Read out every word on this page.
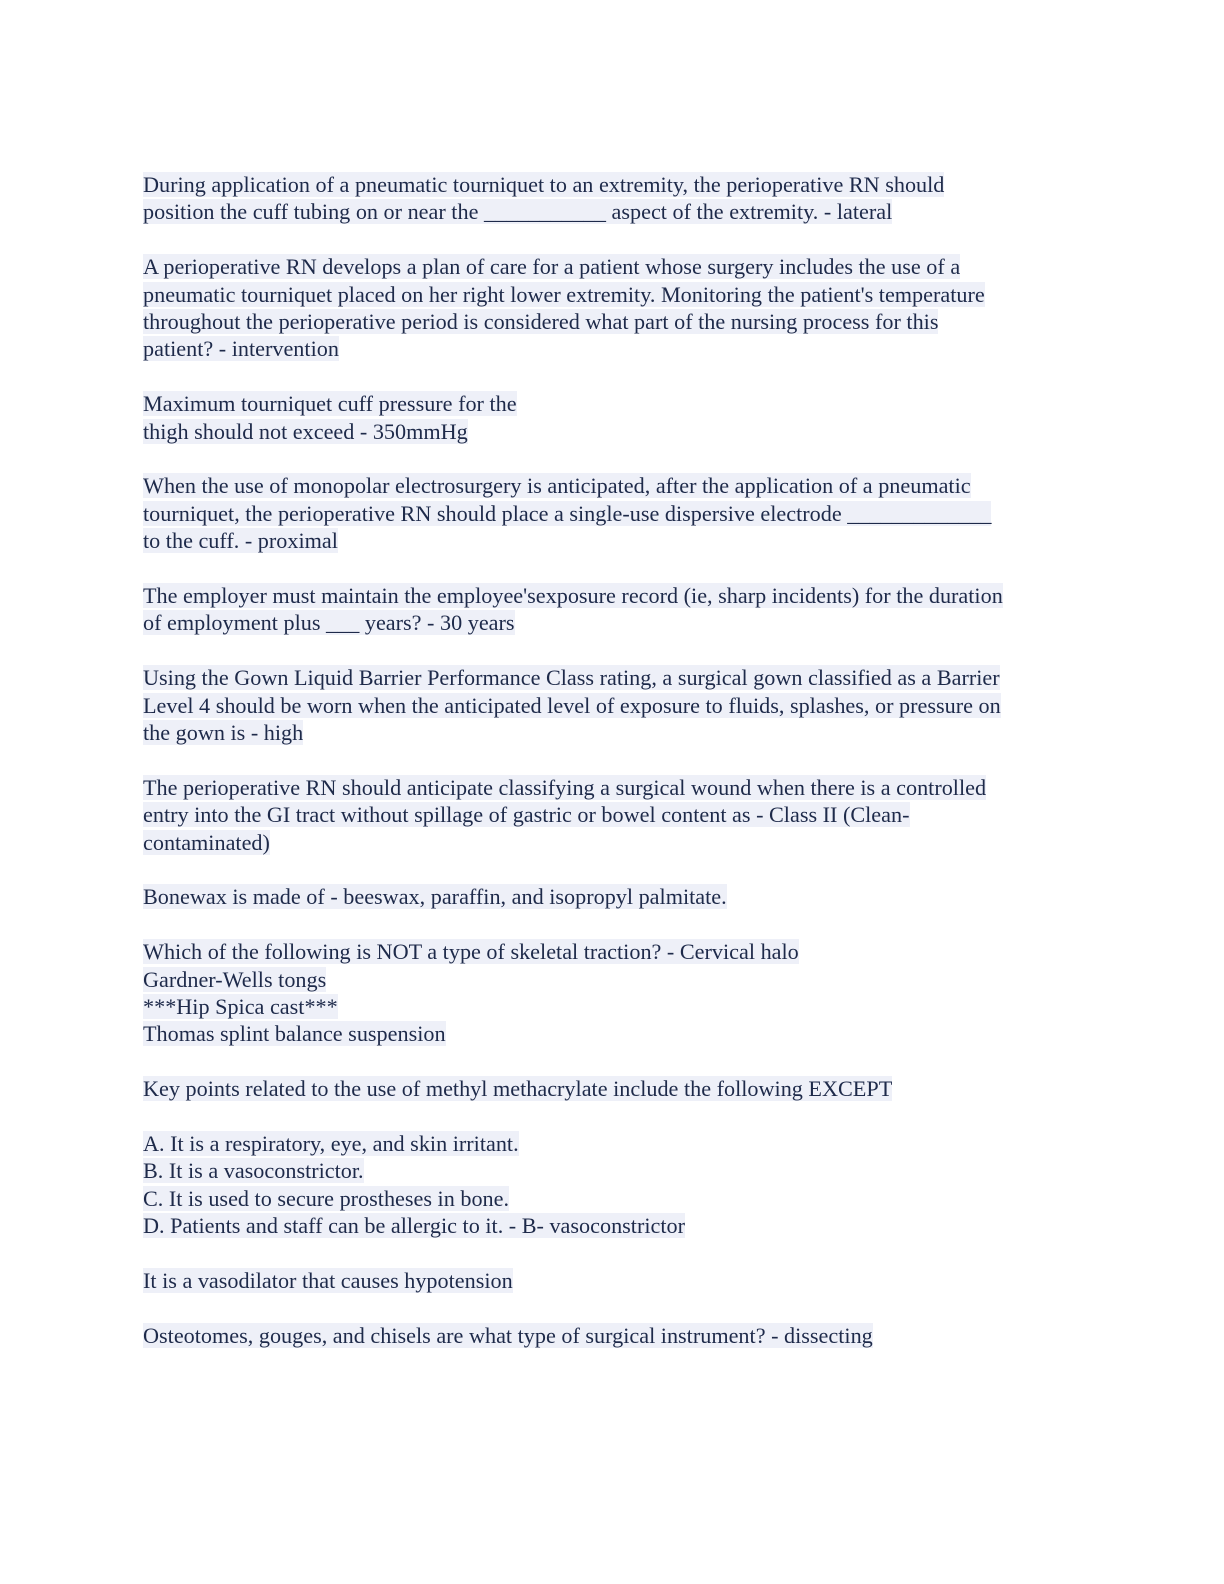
During application of a pneumatic tourniquet to an extremity, the perioperative RN should
position the cuff tubing on or near the ___________ aspect of the extremity. - lateral
A perioperative RN develops a plan of care for a patient whose surgery includes the use of a
pneumatic tourniquet placed on her right lower extremity. Monitoring the patient's temperature
throughout the perioperative period is considered what part of the nursing process for this
patient? - intervention
Maximum tourniquet cuff pressure for the
thigh should not exceed - 350mmHg
When the use of monopolar electrosurgery is anticipated, after the application of a pneumatic
tourniquet, the perioperative RN should place a single-use dispersive electrode _____________
to the cuff. - proximal
The employer must maintain the employee'sexposure record (ie, sharp incidents) for the duration
of employment plus ___ years? - 30 years
Using the Gown Liquid Barrier Performance Class rating, a surgical gown classified as a Barrier
Level 4 should be worn when the anticipated level of exposure to fluids, splashes, or pressure on
the gown is - high
The perioperative RN should anticipate classifying a surgical wound when there is a controlled
entry into the GI tract without spillage of gastric or bowel content as - Class II (Clean-
contaminated)
Bonewax is made of - beeswax, paraffin, and isopropyl palmitate.
Which of the following is NOT a type of skeletal traction? - Cervical halo
Gardner-Wells tongs
***Hip Spica cast***
Thomas splint balance suspension
Key points related to the use of methyl methacrylate include the following EXCEPT
A. It is a respiratory, eye, and skin irritant.
B. It is a vasoconstrictor.
C. It is used to secure prostheses in bone.
D. Patients and staff can be allergic to it. - B- vasoconstrictor
It is a vasodilator that causes hypotension
Osteotomes, gouges, and chisels are what type of surgical instrument? - dissecting
